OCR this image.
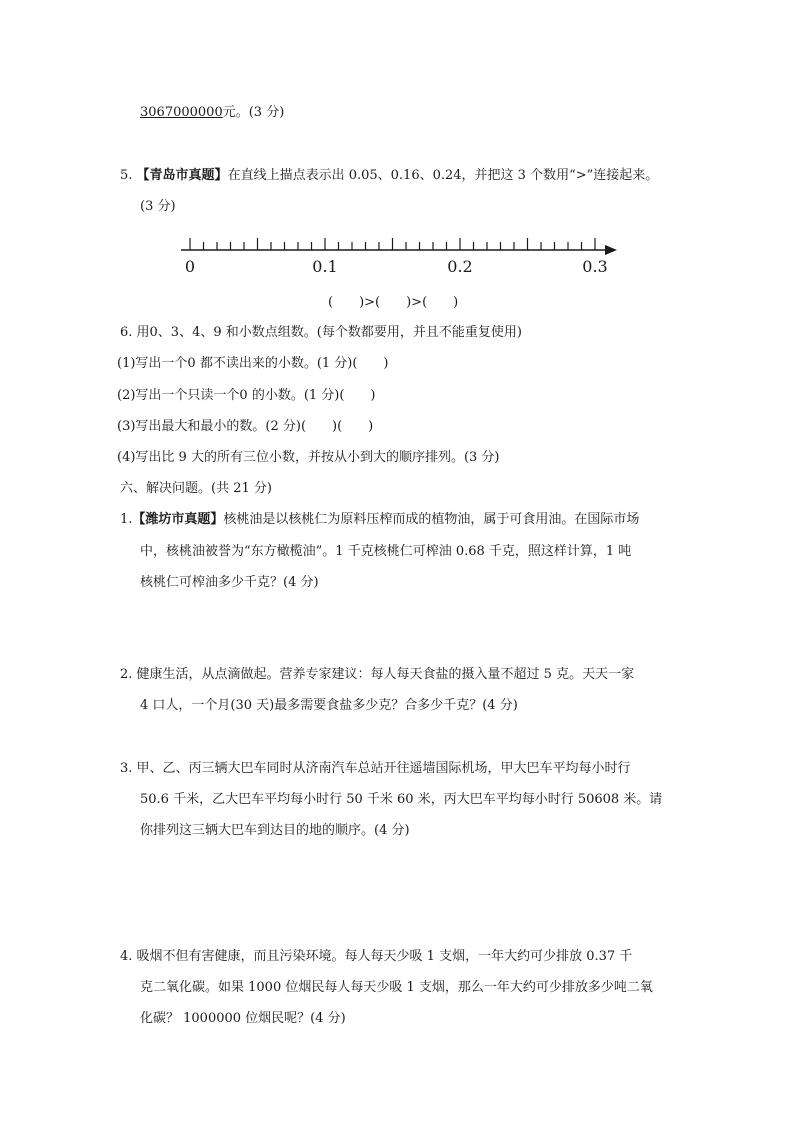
3067000000元。(3 分)
5. 【青岛市真题】在直线上描点表示出 0.05、0.16、0.24，并把这 3 个数用“>”连接起来。
(3 分)
0	0.1	0.2	0.3
(　　)>(　　)>(　　)
6. 用0、3、4、9 和小数点组数。(每个数都要用，并且不能重复使用)
(1)写出一个0 都不读出来的小数。(1 分)(　　)
(2)写出一个只读一个0 的小数。(1 分)(　　)
(3)写出最大和最小的数。(2 分)(　　)(　　)
(4)写出比 9 大的所有三位小数，并按从小到大的顺序排列。(3 分)
六、解决问题。(共 21 分)
1.【潍坊市真题】核桃油是以核桃仁为原料压榨而成的植物油，属于可食用油。在国际市场
中，核桃油被誉为“东方橄榄油”。1 千克核桃仁可榨油 0.68 千克，照这样计算，1 吨
核桃仁可榨油多少千克？(4 分)
2. 健康生活，从点滴做起。营养专家建议：每人每天食盐的摄入量不超过 5 克。天天一家
4 口人，一个月(30 天)最多需要食盐多少克？合多少千克？(4 分)
3. 甲、乙、丙三辆大巴车同时从济南汽车总站开往遥墙国际机场，甲大巴车平均每小时行
50.6 千米，乙大巴车平均每小时行 50 千米 60 米，丙大巴车平均每小时行 50608 米。请
你排列这三辆大巴车到达目的地的顺序。(4 分)
4. 吸烟不但有害健康，而且污染环境。每人每天少吸 1 支烟，一年大约可少排放 0.37 千
克二氧化碳。如果 1000 位烟民每人每天少吸 1 支烟，那么一年大约可少排放多少吨二氧
化碳？ 1000000 位烟民呢？(4 分)
